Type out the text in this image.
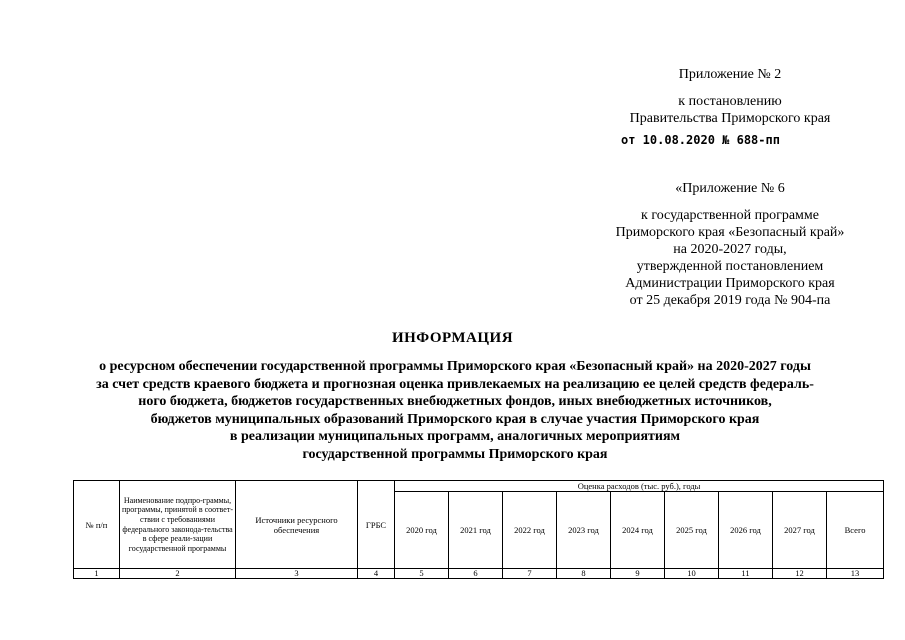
Приложение № 2
к постановлению
Правительства Приморского края
от 10.08.2020 № 688-пп
«Приложение № 6
к государственной программе
Приморского края «Безопасный край»
на 2020-2027 годы,
утвержденной постановлением
Администрации Приморского края
от 25 декабря 2019 года № 904-па
ИНФОРМАЦИЯ
о ресурсном обеспечении государственной программы Приморского края «Безопасный край» на 2020-2027 годы
за счет средств краевого бюджета и прогнозная оценка привлекаемых на реализацию ее целей средств федераль-
ного бюджета, бюджетов государственных внебюджетных фондов, иных внебюджетных источников,
бюджетов муниципальных образований Приморского края в случае участия Приморского края
в реализации муниципальных программ, аналогичных мероприятиям
государственной программы Приморского края
№ п/п	Наименование подпро-граммы, программы, принятой в соответ-ствии с требованиями федерального законода-тельства в сфере реали-зации государственной программы	Источники ресурсного обеспечения	ГРБС	Оценка расходов (тыс. руб.), годы								
				2020 год	2021 год	2022 год	2023 год	2024 год	2025 год	2026 год	2027 год	Всего
1	2	3	4	5	6	7	8	9	10	11	12	13
